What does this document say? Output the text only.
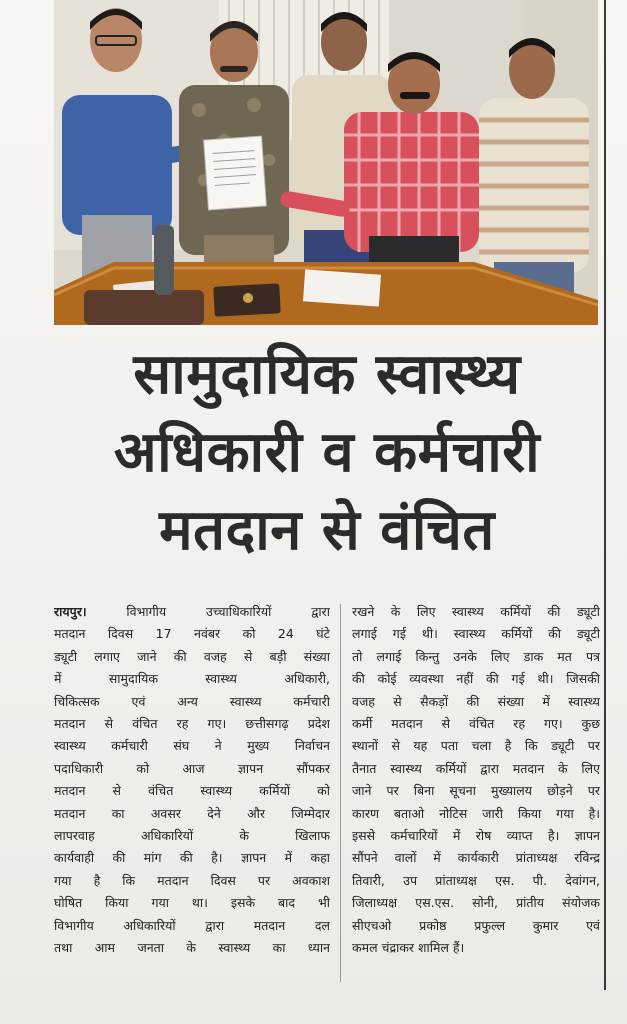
सामुदायिक स्वास्थ्य
अधिकारी व कर्मचारी
मतदान से वंचित
रायपुर। विभागीय उच्चाधिकारियों द्वारा
मतदान दिवस 17 नवंबर को 24 घंटे
ड्यूटी लगाए जाने की वजह से बड़ी संख्या
में सामुदायिक स्वास्थ्य अधिकारी,
चिकित्सक एवं अन्य स्वास्थ्य कर्मचारी
मतदान से वंचित रह गए। छत्तीसगढ़ प्रदेश
स्वास्थ्य कर्मचारी संघ ने मुख्य निर्वाचन
पदाधिकारी को आज ज्ञापन सौंपकर
मतदान से वंचित स्वास्थ्य कर्मियों को
मतदान का अवसर देने और जिम्मेदार
लापरवाह अधिकारियों के खिलाफ
कार्यवाही की मांग की है। ज्ञापन में कहा
गया है कि मतदान दिवस पर अवकाश
घोषित किया गया था। इसके बाद भी
विभागीय अधिकारियों द्वारा मतदान दल
तथा आम जनता के स्वास्थ्य का ध्यान
रखने के लिए स्वास्थ्य कर्मियों की ड्यूटी
लगाई गई थी। स्वास्थ्य कर्मियों की ड्यूटी
तो लगाई किन्तु उनके लिए डाक मत पत्र
की कोई व्यवस्था नहीं की गई थी। जिसकी
वजह से सैकड़ों की संख्या में स्वास्थ्य
कर्मी मतदान से वंचित रह गए। कुछ
स्थानों से यह पता चला है कि ड्यूटी पर
तैनात स्वास्थ्य कर्मियों द्वारा मतदान के लिए
जाने पर बिना सूचना मुख्यालय छोड़ने पर
कारण बताओ नोटिस जारी किया गया है।
इससे कर्मचारियों में रोष व्याप्त है। ज्ञापन
सौंपने वालों में कार्यकारी प्रांताध्यक्ष रविन्द्र
तिवारी, उप प्रांताध्यक्ष एस. पी. देवांगन,
जिलाध्यक्ष एस.एस. सोनी, प्रांतीय संयोजक
सीएचओ प्रकोष्ठ प्रफुल्ल कुमार एवं
कमल चंद्राकर शामिल हैं।
